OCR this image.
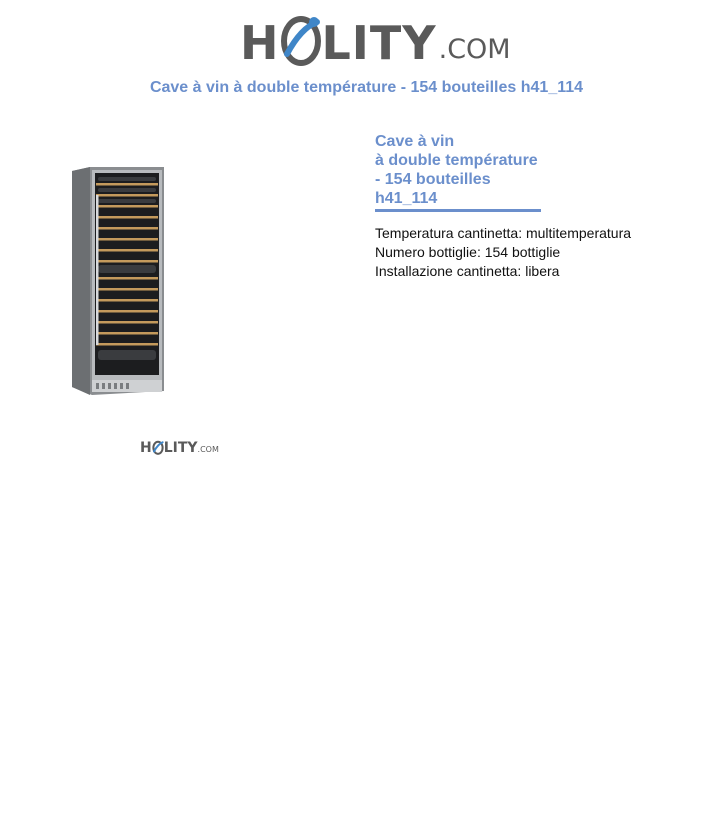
H LITY .COM
Cave à vin à double température - 154 bouteilles h41_114
H LITY .COM
Cave à vin
à double température
- 154 bouteilles
h41_114
Temperatura cantinetta: multitemperatura
Numero bottiglie: 154 bottiglie
Installazione cantinetta: libera
